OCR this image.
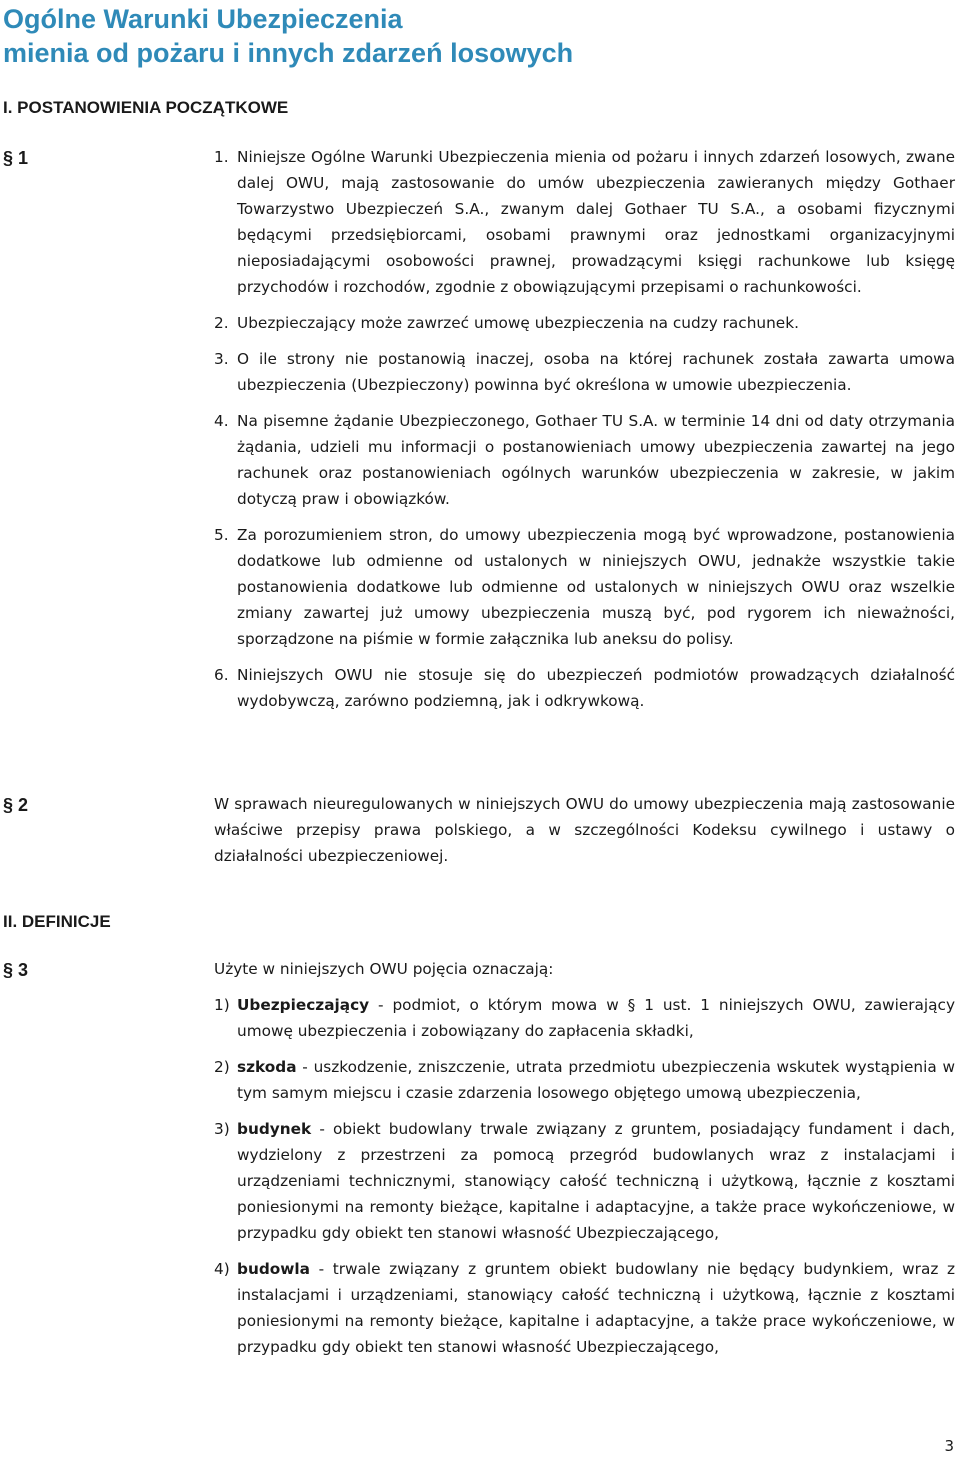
Ogólne Warunki Ubezpieczenia
mienia od pożaru i innych zdarzeń losowych
I. POSTANOWIENIA POCZĄTKOWE
§ 1	1. Niniejsze Ogólne Warunki Ubezpieczenia mienia od pożaru i innych zdarzeń losowych, zwane dalej OWU, mają zastosowanie do umów ubezpieczenia zawieranych między Gothaer Towarzystwo Ubezpieczeń S.A., zwanym dalej Gothaer TU S.A., a osobami fizycznymi będącymi przedsiębiorcami, osobami prawnymi oraz jednostkami organizacyjnymi nieposiadającymi osobowości prawnej, prowadzącymi księgi rachunkowe lub księgę przychodów i rozchodów, zgodnie z obowiązującymi przepisami o rachunkowości.
2. Ubezpieczający może zawrzeć umowę ubezpieczenia na cudzy rachunek.
3. O ile strony nie postanowią inaczej, osoba na której rachunek została zawarta umowa ubezpieczenia (Ubezpieczony) powinna być określona w umowie ubezpieczenia.
4. Na pisemne żądanie Ubezpieczonego, Gothaer TU S.A. w terminie 14 dni od daty otrzymania żądania, udzieli mu informacji o postanowieniach umowy ubezpieczenia zawartej na jego rachunek oraz postanowieniach ogólnych warunków ubezpieczenia w zakresie, w jakim dotyczą praw i obowiązków.
5. Za porozumieniem stron, do umowy ubezpieczenia mogą być wprowadzone, postanowienia dodatkowe lub odmienne od ustalonych w niniejszych OWU, jednakże wszystkie takie postanowienia dodatkowe lub odmienne od ustalonych w niniejszych OWU oraz wszelkie zmiany zawartej już umowy ubezpieczenia muszą być, pod rygorem ich nieważności, sporządzone na piśmie w formie załącznika lub aneksu do polisy.
6. Niniejszych OWU nie stosuje się do ubezpieczeń podmiotów prowadzących działalność wydobywczą, zarówno podziemną, jak i odkrywkową.
§ 2	W sprawach nieuregulowanych w niniejszych OWU do umowy ubezpieczenia mają zastosowanie właściwe przepisy prawa polskiego, a w szczególności Kodeksu cywilnego i ustawy o działalności ubezpieczeniowej.
II. DEFINICJE
§ 3	Użyte w niniejszych OWU pojęcia oznaczają:
1) Ubezpieczający - podmiot, o którym mowa w § 1 ust. 1 niniejszych OWU, zawierający umowę ubezpieczenia i zobowiązany do zapłacenia składki,
2) szkoda - uszkodzenie, zniszczenie, utrata przedmiotu ubezpieczenia wskutek wystąpienia w tym samym miejscu i czasie zdarzenia losowego objętego umową ubezpieczenia,
3) budynek - obiekt budowlany trwale związany z gruntem, posiadający fundament i dach, wydzielony z przestrzeni za pomocą przegród budowlanych wraz z instalacjami i urządzeniami technicznymi, stanowiący całość techniczną i użytkową, łącznie z kosztami poniesionymi na remonty bieżące, kapitalne i adaptacyjne, a także prace wykończeniowe, w przypadku gdy obiekt ten stanowi własność Ubezpieczającego,
4) budowla - trwale związany z gruntem obiekt budowlany nie będący budynkiem, wraz z instalacjami i urządzeniami, stanowiący całość techniczną i użytkową, łącznie z kosztami poniesionymi na remonty bieżące, kapitalne i adaptacyjne, a także prace wykończeniowe, w przypadku gdy obiekt ten stanowi własność Ubezpieczającego,
3
